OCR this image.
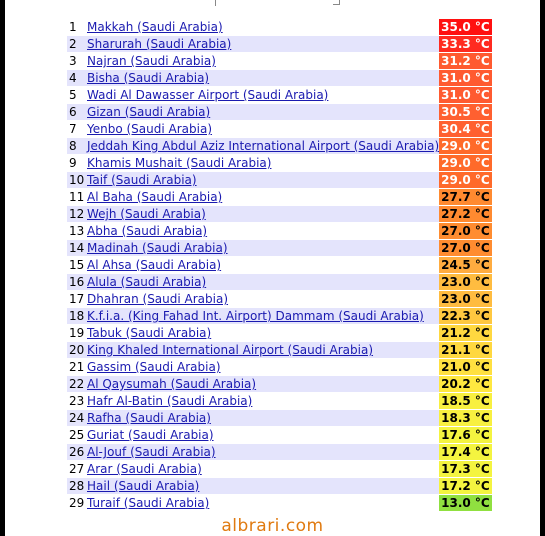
1	Makkah (Saudi Arabia)	35.0 °C
2	Sharurah (Saudi Arabia)	33.3 °C
3	Najran (Saudi Arabia)	31.2 °C
4	Bisha (Saudi Arabia)	31.0 °C
5	Wadi Al Dawasser Airport (Saudi Arabia)	31.0 °C
6	Gizan (Saudi Arabia)	30.5 °C
7	Yenbo (Saudi Arabia)	30.4 °C
8	Jeddah King Abdul Aziz International Airport (Saudi Arabia)	29.0 °C
9	Khamis Mushait (Saudi Arabia)	29.0 °C
10	Taif (Saudi Arabia)	29.0 °C
11	Al Baha (Saudi Arabia)	27.7 °C
12	Wejh (Saudi Arabia)	27.2 °C
13	Abha (Saudi Arabia)	27.0 °C
14	Madinah (Saudi Arabia)	27.0 °C
15	Al Ahsa (Saudi Arabia)	24.5 °C
16	Alula (Saudi Arabia)	23.0 °C
17	Dhahran (Saudi Arabia)	23.0 °C
18	K.f.i.a. (King Fahad Int. Airport) Dammam (Saudi Arabia)	22.3 °C
19	Tabuk (Saudi Arabia)	21.2 °C
20	King Khaled International Airport (Saudi Arabia)	21.1 °C
21	Gassim (Saudi Arabia)	21.0 °C
22	Al Qaysumah (Saudi Arabia)	20.2 °C
23	Hafr Al-Batin (Saudi Arabia)	18.5 °C
24	Rafha (Saudi Arabia)	18.3 °C
25	Guriat (Saudi Arabia)	17.6 °C
26	Al-Jouf (Saudi Arabia)	17.4 °C
27	Arar (Saudi Arabia)	17.3 °C
28	Hail (Saudi Arabia)	17.2 °C
29	Turaif (Saudi Arabia)	13.0 °C
albrari.com
